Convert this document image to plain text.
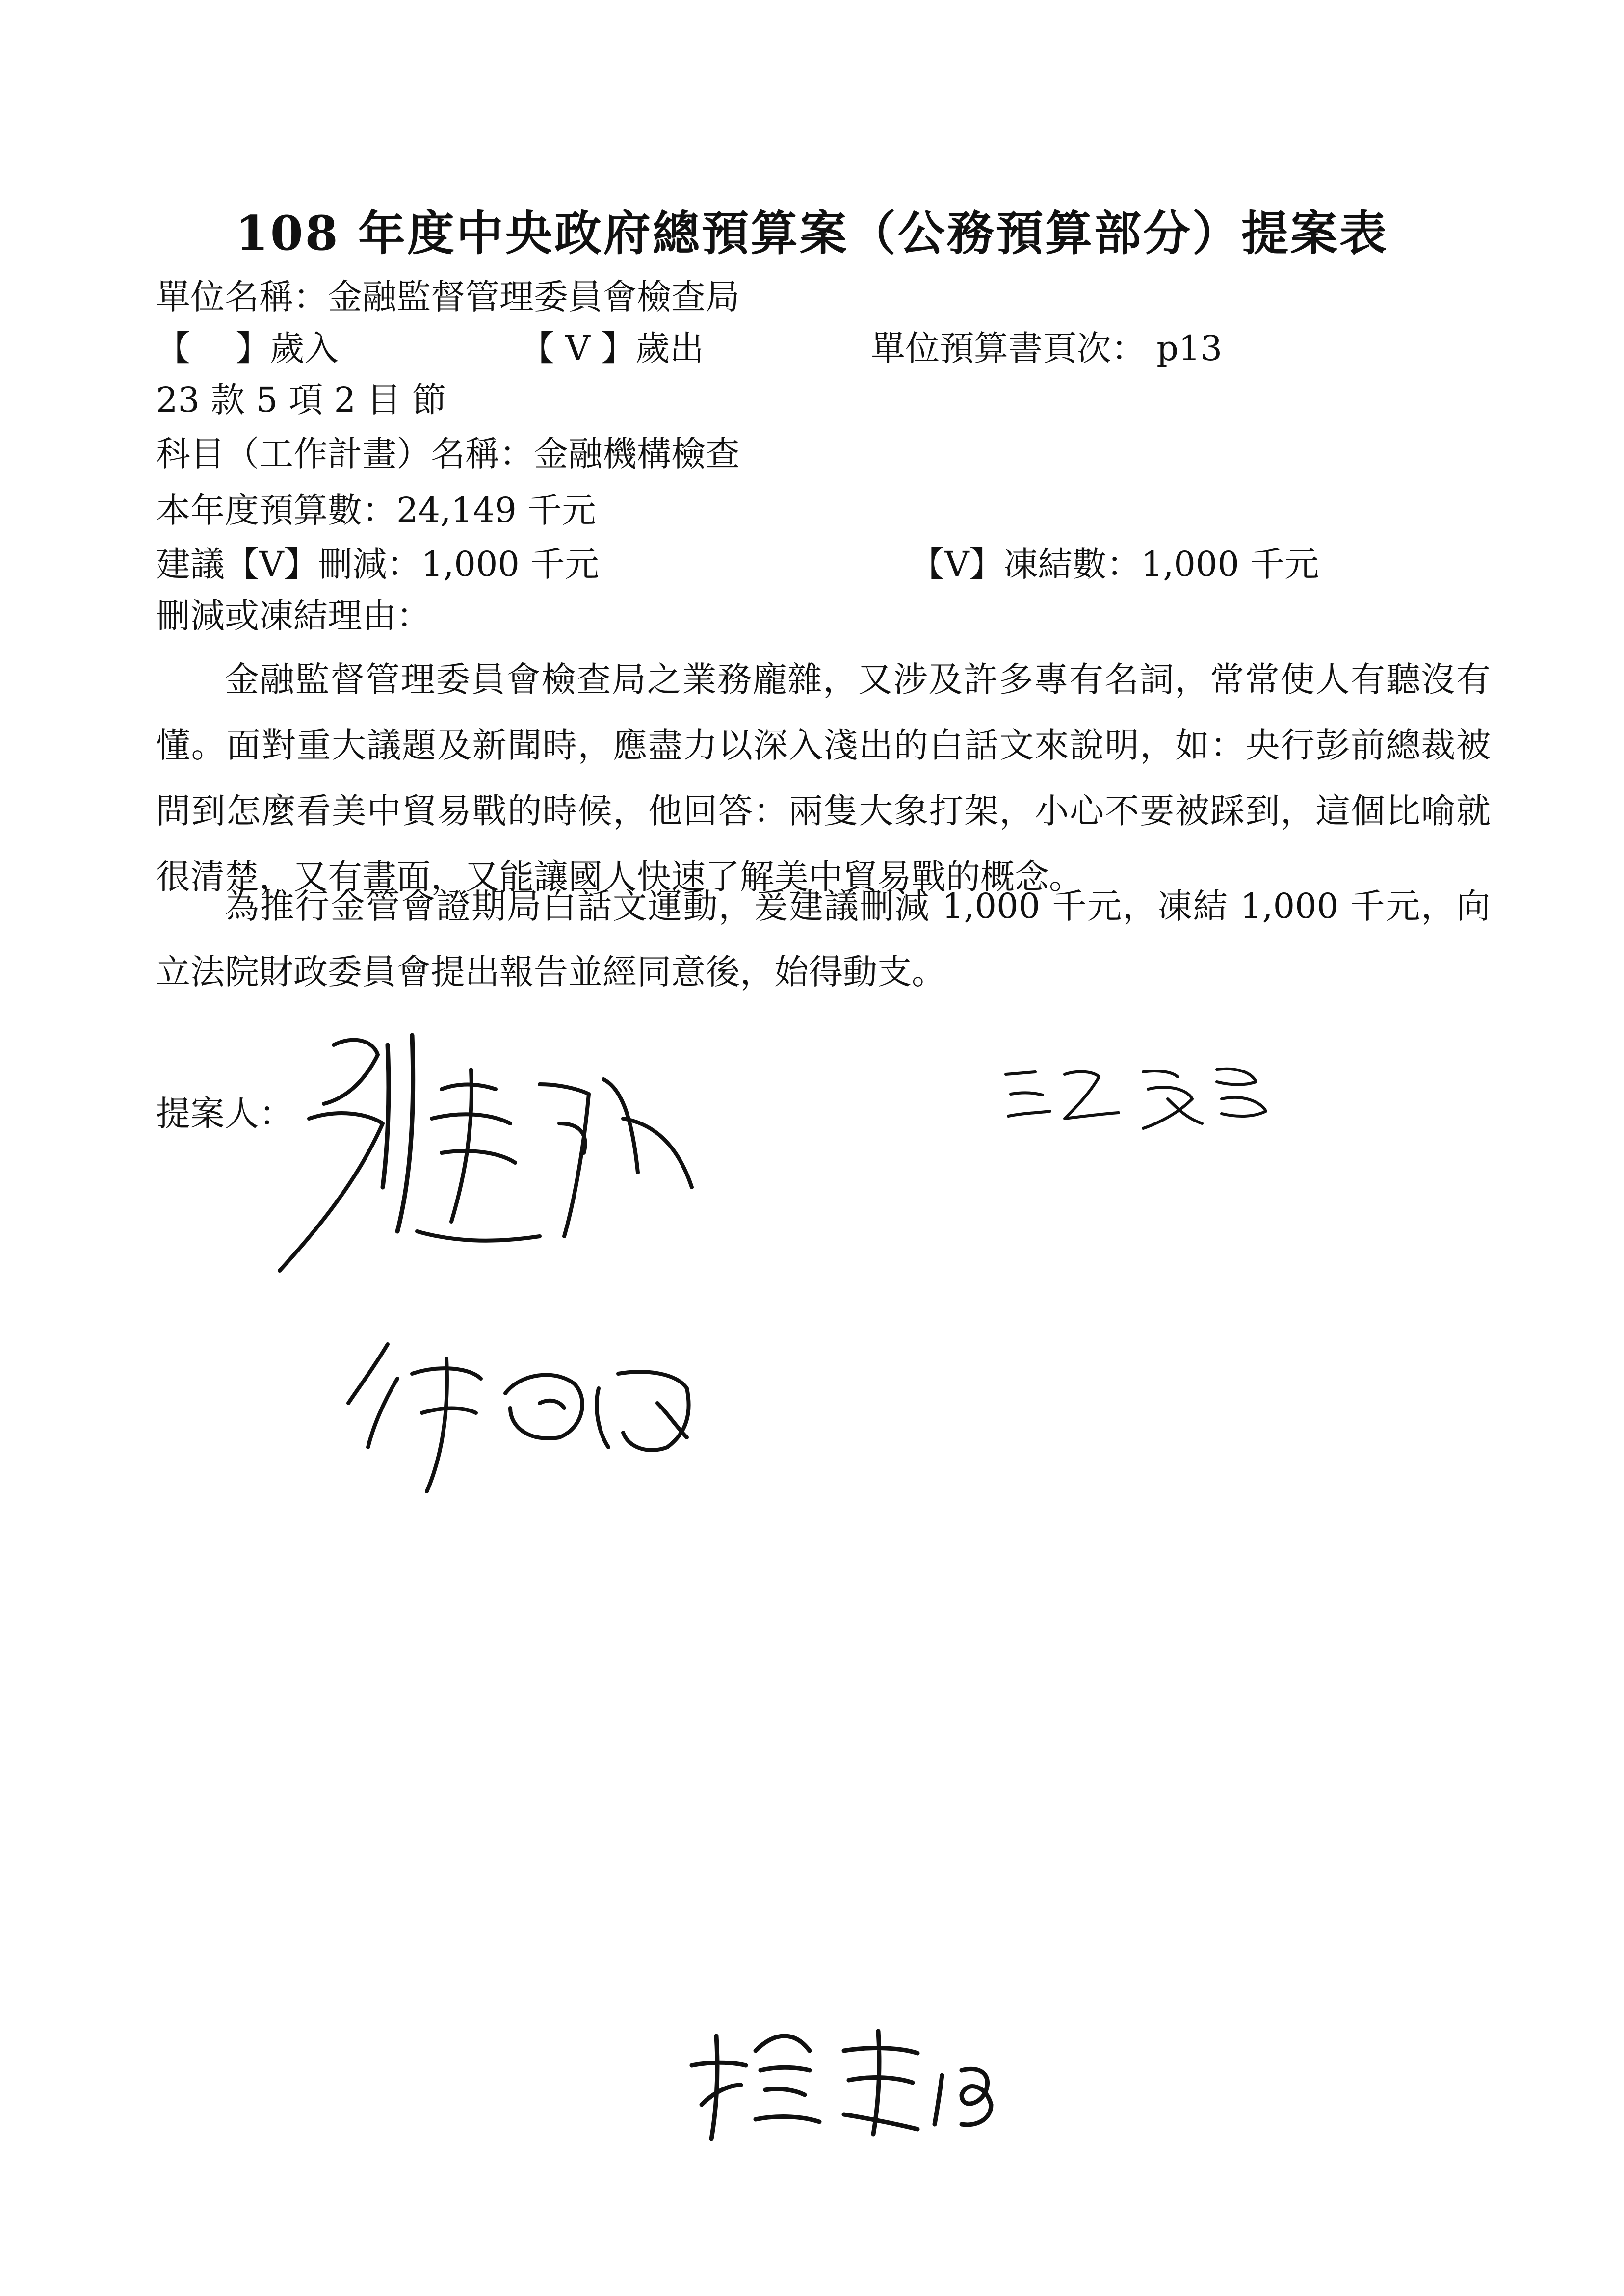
108 年度中央政府總預算案（公務預算部分）提案表
單位名稱：金融監督管理委員會檢查局
【　 】歲入	【 V 】歲出	單位預算書頁次： p13
23 款 5 項 2 目 節
科目（工作計畫）名稱：金融機構檢查
本年度預算數：24,149 千元
建議【V】刪減：1,000 千元	【V】凍結數：1,000 千元
刪減或凍結理由：
金融監督管理委員會檢查局之業務龐雜，又涉及許多專有名詞，常常使人有聽沒有懂。面對重大議題及新聞時，應盡力以深入淺出的白話文來說明，如：央行彭前總裁被問到怎麼看美中貿易戰的時候，他回答：兩隻大象打架，小心不要被踩到，這個比喻就很清楚，又有畫面，又能讓國人快速了解美中貿易戰的概念。
為推行金管會證期局白話文運動，爰建議刪減 1,000 千元，凍結 1,000 千元，向立法院財政委員會提出報告並經同意後，始得動支。
提案人：
